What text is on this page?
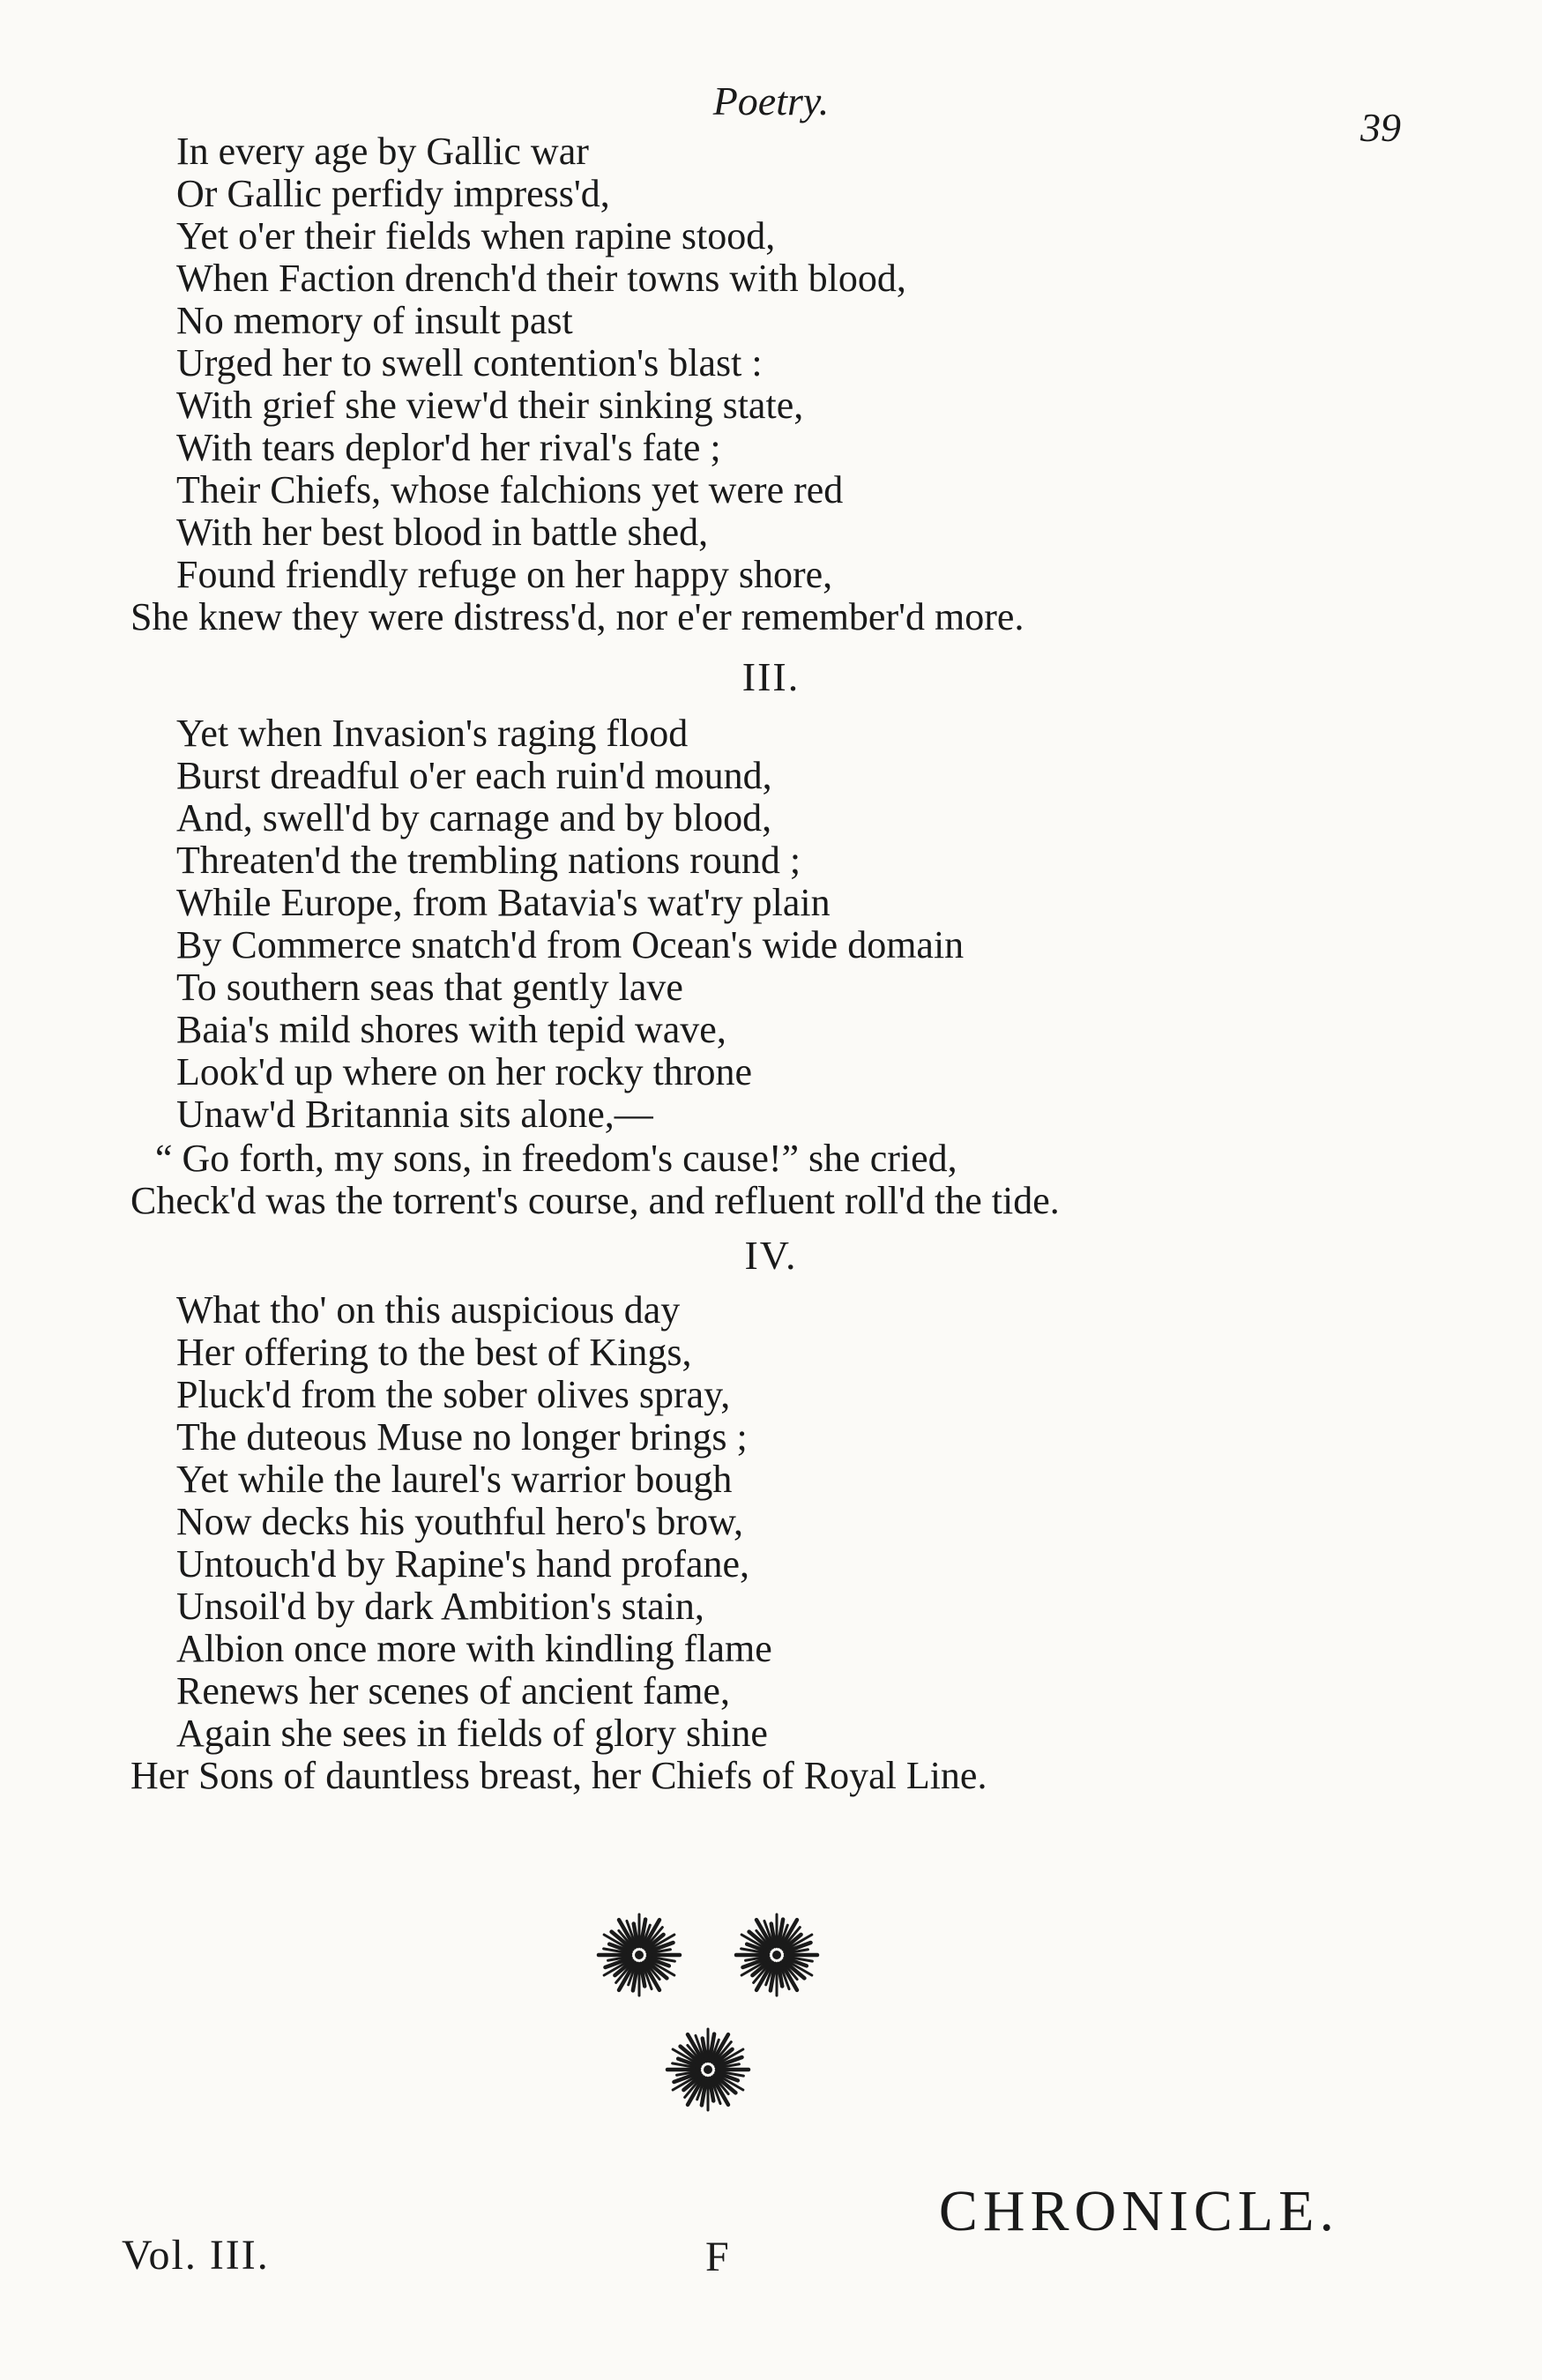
Poetry.
39
In every age by Gallic war
Or Gallic perfidy impress'd,
Yet o'er their fields when rapine stood,
When Faction drench'd their towns with blood,
No memory of insult past
Urged her to swell contention's blast :
With grief she view'd their sinking state,
With tears deplor'd her rival's fate ;
Their Chiefs, whose falchions yet were red
With her best blood in battle shed,
Found friendly refuge on her happy shore,
She knew they were distress'd, nor e'er remember'd more.
III.
Yet when Invasion's raging flood
Burst dreadful o'er each ruin'd mound,
And, swell'd by carnage and by blood,
Threaten'd the trembling nations round ;
While Europe, from Batavia's wat'ry plain
By Commerce snatch'd from Ocean's wide domain
To southern seas that gently lave
Baia's mild shores with tepid wave,
Look'd up where on her rocky throne
Unaw'd Britannia sits alone,—
“ Go forth, my sons, in freedom's cause!” she cried,
Check'd was the torrent's course, and refluent roll'd the tide.
IV.
What tho' on this auspicious day
Her offering to the best of Kings,
Pluck'd from the sober olives spray,
The duteous Muse no longer brings ;
Yet while the laurel's warrior bough
Now decks his youthful hero's brow,
Untouch'd by Rapine's hand profane,
Unsoil'd by dark Ambition's stain,
Albion once more with kindling flame
Renews her scenes of ancient fame,
Again she sees in fields of glory shine
Her Sons of dauntless breast, her Chiefs of Royal Line.
CHRONICLE.
Vol. III.	F
